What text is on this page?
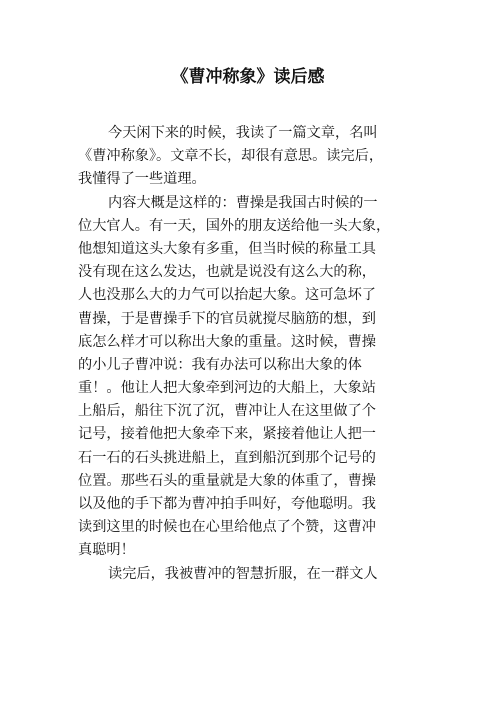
《曹冲称象》读后感
今天闲下来的时候，我读了一篇文章，名叫
《曹冲称象》。文章不长，却很有意思。读完后，
我懂得了一些道理。
内容大概是这样的：曹操是我国古时候的一
位大官人。有一天，国外的朋友送给他一头大象，
他想知道这头大象有多重，但当时候的称量工具
没有现在这么发达，也就是说没有这么大的称，
人也没那么大的力气可以抬起大象。这可急坏了
曹操，于是曹操手下的官员就搅尽脑筋的想，到
底怎么样才可以称出大象的重量。这时候，曹操
的小儿子曹冲说：我有办法可以称出大象的体
重！。他让人把大象牵到河边的大船上，大象站
上船后，船往下沉了沉，曹冲让人在这里做了个
记号，接着他把大象牵下来，紧接着他让人把一
石一石的石头挑进船上，直到船沉到那个记号的
位置。那些石头的重量就是大象的体重了，曹操
以及他的手下都为曹冲拍手叫好，夸他聪明。我
读到这里的时候也在心里给他点了个赞，这曹冲
真聪明！
读完后，我被曹冲的智慧折服，在一群文人
